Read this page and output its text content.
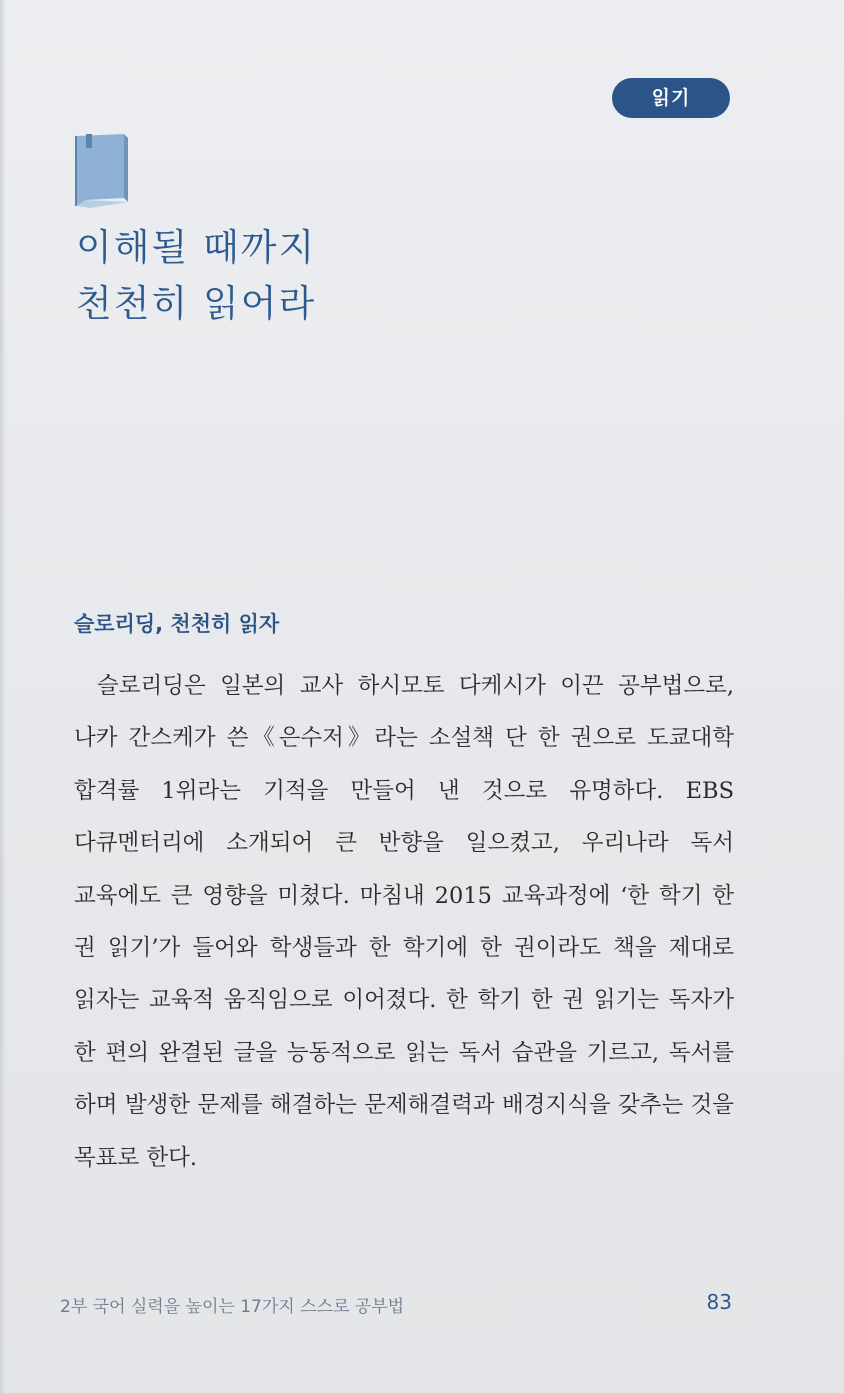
읽기
이해될 때까지
천천히 읽어라
슬로리딩, 천천히 읽자

슬로리딩은 일본의 교사 하시모토 다케시가 이끈 공부법으로, 나카 간스케가 쓴《은수저》라는 소설책 단 한 권으로 도쿄대학 합격률 1위라는 기적을 만들어 낸 것으로 유명하다. EBS 다큐멘터리에 소개되어 큰 반향을 일으켰고, 우리나라 독서 교육에도 큰 영향을 미쳤다. 마침내 2015 교육과정에 ‘한 학기 한 권 읽기’가 들어와 학생들과 한 학기에 한 권이라도 책을 제대로 읽자는 교육적 움직임으로 이어졌다. 한 학기 한 권 읽기는 독자가 한 편의 완결된 글을 능동적으로 읽는 독서 습관을 기르고, 독서를 하며 발생한 문제를 해결하는 문제해결력과 배경지식을 갖추는 것을 목표로 한다.

2부 국어 실력을 높이는 17가지 스스로 공부법	83
